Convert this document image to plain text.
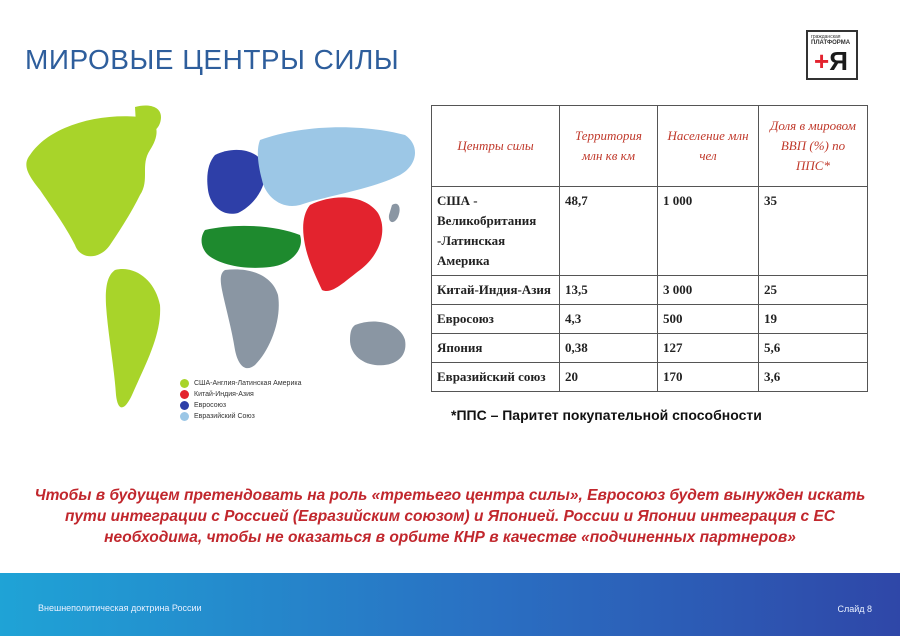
МИРОВЫЕ ЦЕНТРЫ СИЛЫ
гражданская
ПЛАТФОРМА
+Я
США-Англия-Латинская Америка
Китай-Индия-Азия
Евросоюз
Евразийский Союз
Центры силы	Территория млн кв км	Население млн чел	Доля в мировом ВВП (%) по ППС*
США - Великобритания -Латинская Америка	48,7	1 000	35
Китай-Индия-Азия	13,5	3 000	25
Евросоюз	4,3	500	19
Япония	0,38	127	5,6
Евразийский союз	20	170	3,6
*ППС – Паритет покупательной способности
Чтобы в будущем претендовать на роль «третьего центра силы», Евросоюз будет вынужден искать пути интеграции с Россией (Евразийским союзом) и Японией. России и Японии интеграция с ЕС необходима, чтобы не оказаться в орбите КНР в качестве «подчиненных партнеров»
Внешнеполитическая доктрина России	Слайд 8
